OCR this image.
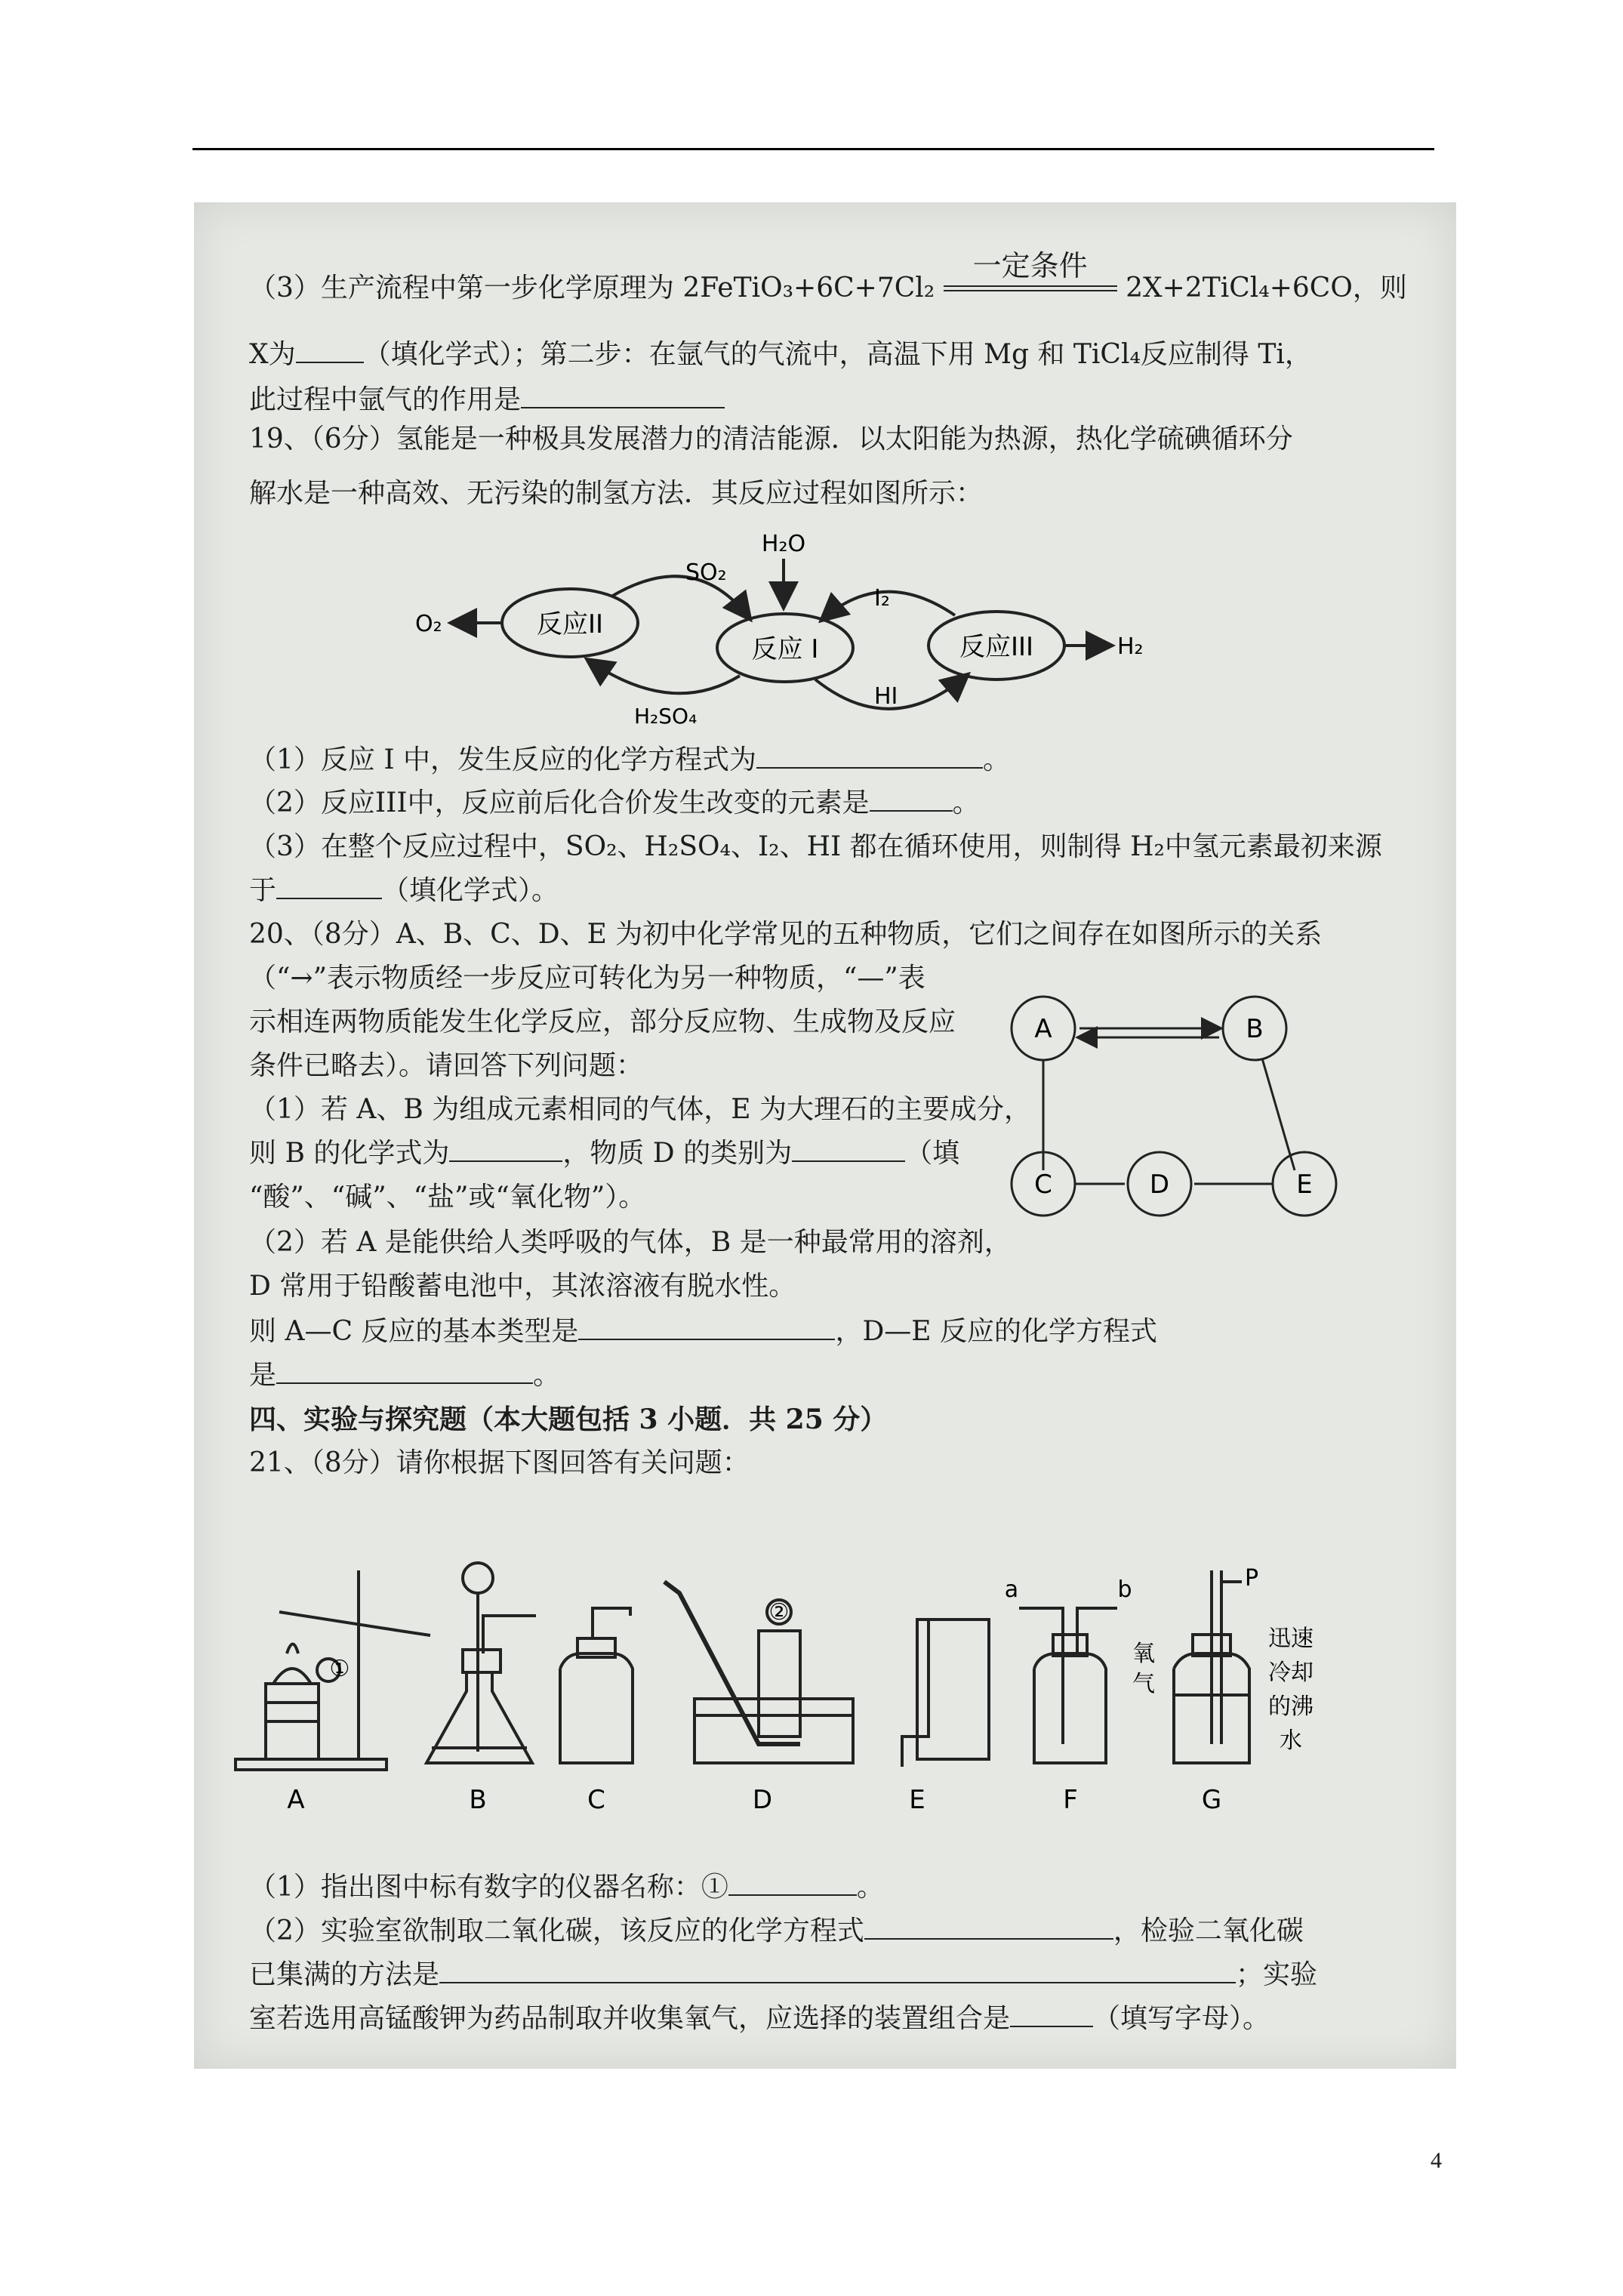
（3）生产流程中第一步化学原理为 2FeTiO₃+6C+7Cl₂
一定条件
2X+2TiCl₄+6CO，则
X为	（填化学式）；第二步：在氩气的气流中，高温下用 Mg 和 TiCl₄反应制得 Ti，
此过程中氩气的作用是
19、（6分）氢能是一种极具发展潜力的清洁能源．以太阳能为热源，热化学硫碘循环分
解水是一种高效、无污染的制氢方法．其反应过程如图所示：
反应II
反应 I	反应III
H₂O
SO₂
H₂SO₄
I₂
HI
O₂
H₂
（1）反应 I 中，发生反应的化学方程式为	。
（2）反应III中，反应前后化合价发生改变的元素是	。
（3）在整个反应过程中，SO₂、H₂SO₄、I₂、HI 都在循环使用，则制得 H₂中氢元素最初来源
于	（填化学式）。
20、（8分）A、B、C、D、E 为初中化学常见的五种物质，它们之间存在如图所示的关系
（“→”表示物质经一步反应可转化为另一种物质，“—”表
示相连两物质能发生化学反应，部分反应物、生成物及反应
条件已略去）。请回答下列问题：
（1）若 A、B 为组成元素相同的气体，E 为大理石的主要成分，
则 B 的化学式为	，物质 D 的类别为	（填
“酸”、“碱”、“盐”或“氧化物”）。
（2）若 A 是能供给人类呼吸的气体，B 是一种最常用的溶剂，
D 常用于铅酸蓄电池中，其浓溶液有脱水性。
则 A—C 反应的基本类型是	，D—E 反应的化学方程式
是	。
A	B
C	D	E
四、实验与探究题（本大题包括 3 小题．共 25 分）
21、（8分）请你根据下图回答有关问题：
①
②
a	b	P
氧
气
迅速
冷却
的沸
水
A	B	C	D	E	F	G
（1）指出图中标有数字的仪器名称：①	。
（2）实验室欲制取二氧化碳，该反应的化学方程式	，检验二氧化碳
已集满的方法是	；实验
室若选用高锰酸钾为药品制取并收集氧气，应选择的装置组合是	（填写字母）。
4
